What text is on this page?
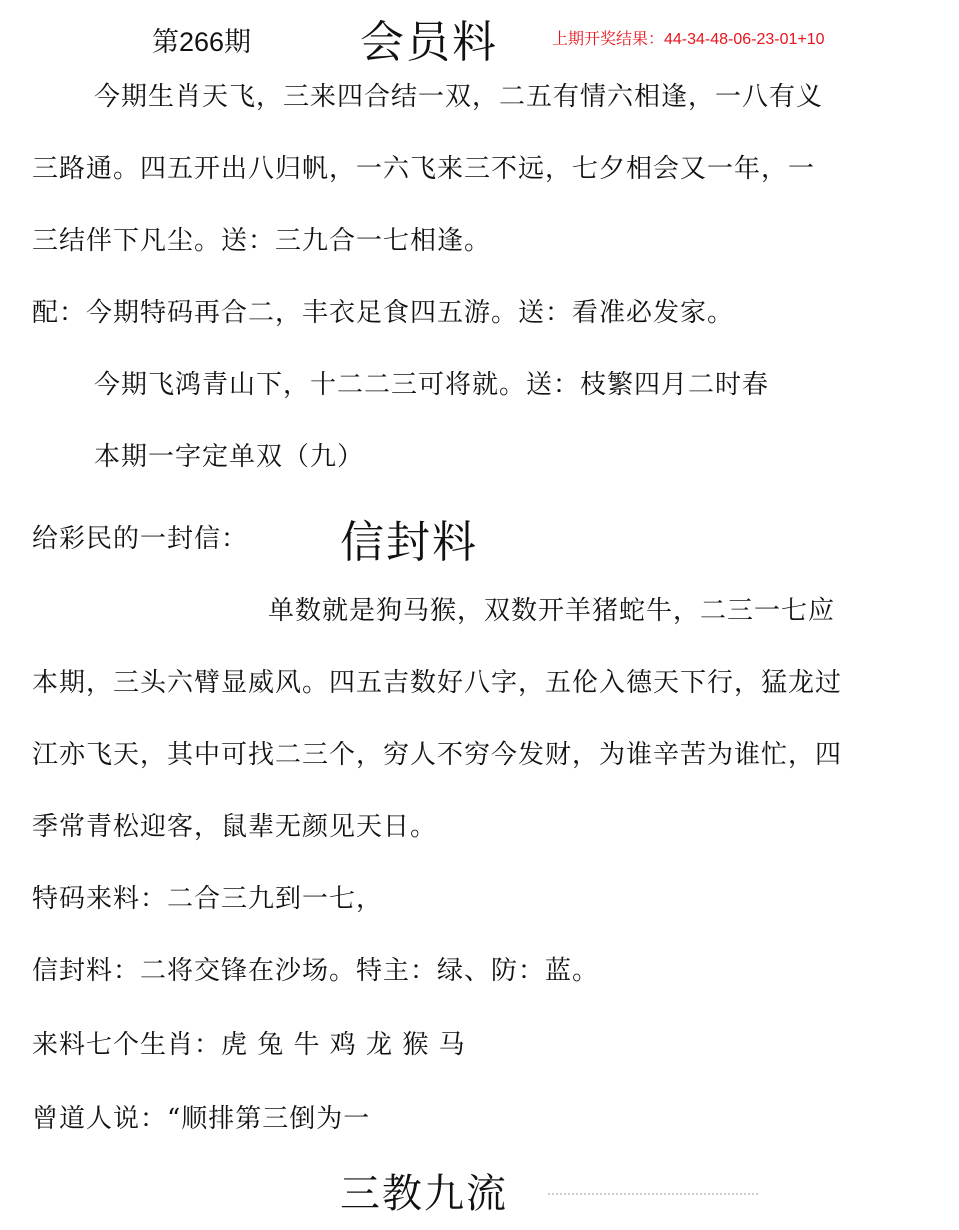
第266期 会员料	上期开奖结果：44-34-48-06-23-01+10
今期生肖天飞，三来四合结一双，二五有情六相逢，一八有义
三路通。四五开出八归帆，一六飞来三不远，七夕相会又一年，一
三结伴下凡尘。送：三九合一七相逢。
配：今期特码再合二，丰衣足食四五游。送：看准必发家。
今期飞鸿青山下，十二二三可将就。送：枝繁四月二时春
本期一字定单双（九）
给彩民的一封信： 信封料
单数就是狗马猴，双数开羊猪蛇牛，二三一七应
本期，三头六臂显威风。四五吉数好八字，五伦入德天下行，猛龙过
江亦飞天，其中可找二三个，穷人不穷今发财，为谁辛苦为谁忙，四
季常青松迎客，鼠辈无颜见天日。
特码来料：二合三九到一七，
信封料：二将交锋在沙场。特主：绿、防：蓝。
来料七个生肖：虎 兔 牛 鸡 龙 猴 马
曾道人说：“顺排第三倒为一
三教九流
